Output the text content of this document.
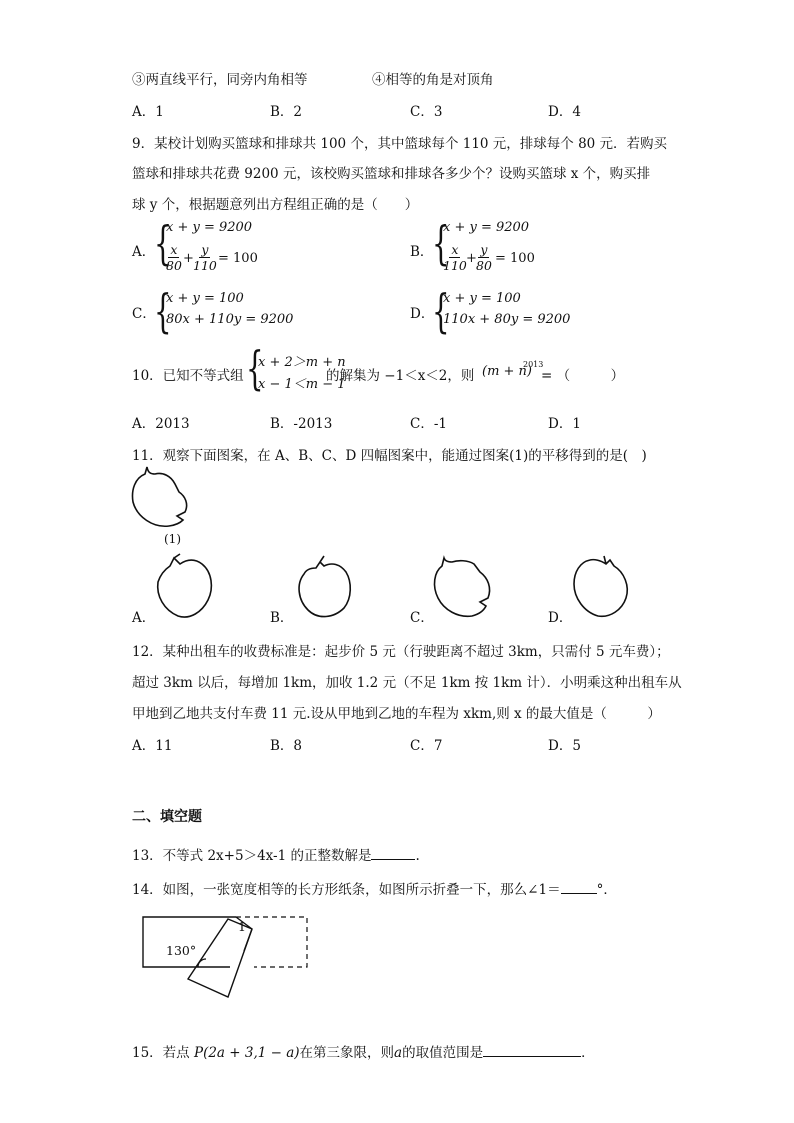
③两直线平行，同旁内角相等	④相等的角是对顶角
A．1	B．2	C．3	D．4
9．某校计划购买篮球和排球共 100 个，其中篮球每个 110 元，排球每个 80 元．若购买
篮球和排球共花费 9200 元，该校购买篮球和排球各多少个？设购买篮球 x 个，购买排
球 y 个，根据题意列出方程组正确的是（　　）
A．
{
x + y = 9200
$\frac{x}{80} + \frac{y}{110} = 100$	B．
{
x + y = 9200
$\frac{x}{110} + \frac{y}{80} = 100$
C．
{
x + y = 100
80x + 110y = 9200	D．
{
x + y = 100
110x + 80y = 9200
10．已知不等式组 {
x + 2＞m + n
x − 1＜m − 1
的解集为 −1＜x＜2，则 (m + n)
2013
= （　　　）
A．2013	B．-2013	C．-1	D．1
11．观察下面图案，在 A、B、C、D 四幅图案中，能通过图案(1)的平移得到的是(　)
(1)
A．	B．	C．	D．
12．某种出租车的收费标准是：起步价 5 元（行驶距离不超过 3km，只需付 5 元车费）；
超过 3km 以后，每增加 1km，加收 1.2 元（不足 1km 按 1km 计）．小明乘这种出租车从
甲地到乙地共支付车费 11 元.设从甲地到乙地的车程为 xkm,则 x 的最大值是（　　　）
A．11	B．8	C．7	D．5
二、填空题
13．不等式 2x+5＞4x-1 的正整数解是	.
14．如图，一张宽度相等的长方形纸条，如图所示折叠一下，那么∠1＝	°．
130°
1
15．若点 P(2a + 3,1 − a)在第三象限，则a的取值范围是	．
